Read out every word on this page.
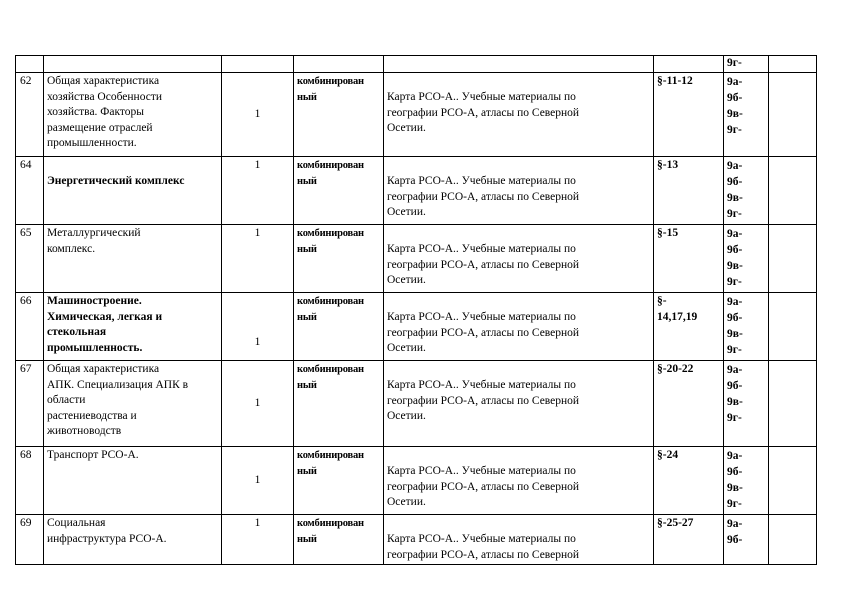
						9г-	
62	Общая характеристика
хозяйства Особенности
хозяйства. Факторы
размещение отраслей
промышленности.	1	комбинирован
ный	Карта РСО-А.. Учебные материалы по
географии РСО-А, атласы по Северной
Осетии.	§-11-12	9а-
9б-
9в-
9г-	

64	Энергетический комплекс	1	комбинирован
ный	Карта РСО-А.. Учебные материалы по
географии РСО-А, атласы по Северной
Осетии.	§-13	9а-
9б-
9в-
9г-	

65	Металлургический
комплекс.	1	комбинирован
ный	Карта РСО-А.. Учебные материалы по
географии РСО-А, атласы по Северной
Осетии.	§-15	9а-
9б-
9в-
9г-	

66	Машиностроение.
Химическая, легкая и
стекольная
промышленность.	1	комбинирован
ный	Карта РСО-А.. Учебные материалы по
географии РСО-А, атласы по Северной
Осетии.	§-
14,17,19	9а-
9б-
9в-
9г-	

67	Общая характеристика
АПК. Специализация АПК в
области
растениеводства и
животноводств	1	комбинирован
ный	Карта РСО-А.. Учебные материалы по
географии РСО-А, атласы по Северной
Осетии.	§-20-22	9а-
9б-
9в-
9г-	

68	Транспорт РСО-А.	1	комбинирован
ный	Карта РСО-А.. Учебные материалы по
географии РСО-А, атласы по Северной
Осетии.	§-24	9а-
9б-
9в-
9г-	

69	Социальная
инфраструктура РСО-А.	1	комбинирован
ный	Карта РСО-А.. Учебные материалы по
географии РСО-А, атласы по Северной	§-25-27	9а-
9б-	
